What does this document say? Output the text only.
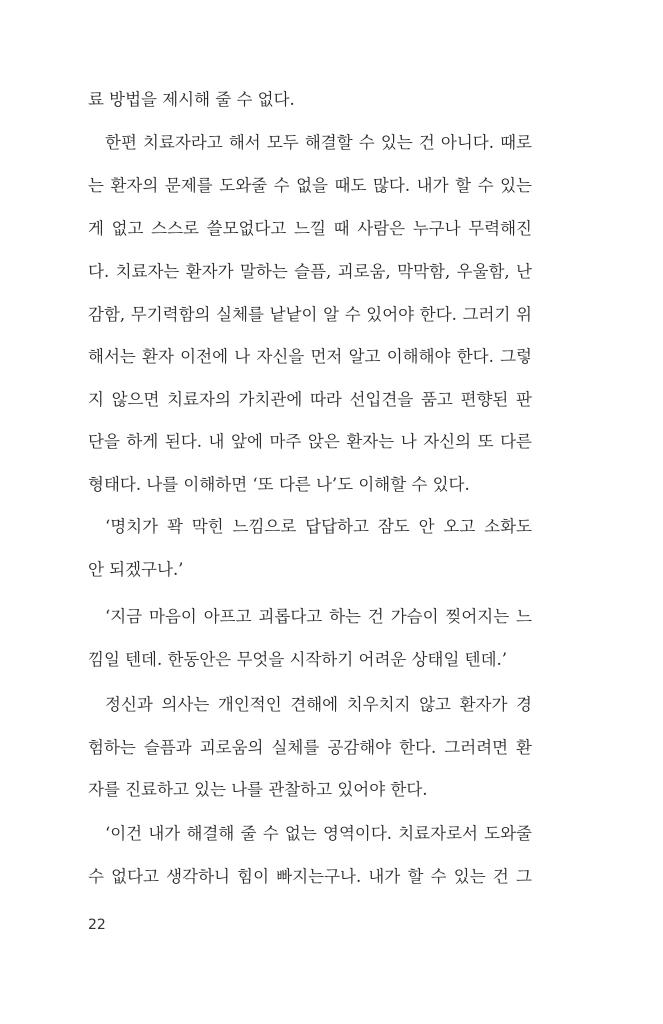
료 방법을 제시해 줄 수 없다.
한편 치료자라고 해서 모두 해결할 수 있는 건 아니다. 때로
는 환자의 문제를 도와줄 수 없을 때도 많다. 내가 할 수 있는
게 없고 스스로 쓸모없다고 느낄 때 사람은 누구나 무력해진
다. 치료자는 환자가 말하는 슬픔, 괴로움, 막막함, 우울함, 난
감함, 무기력함의 실체를 낱낱이 알 수 있어야 한다. 그러기 위
해서는 환자 이전에 나 자신을 먼저 알고 이해해야 한다. 그렇
지 않으면 치료자의 가치관에 따라 선입견을 품고 편향된 판
단을 하게 된다. 내 앞에 마주 앉은 환자는 나 자신의 또 다른
형태다. 나를 이해하면 ‘또 다른 나’도 이해할 수 있다.
‘명치가 꽉 막힌 느낌으로 답답하고 잠도 안 오고 소화도
안 되겠구나.’
‘지금 마음이 아프고 괴롭다고 하는 건 가슴이 찢어지는 느
낌일 텐데. 한동안은 무엇을 시작하기 어려운 상태일 텐데.’
정신과 의사는 개인적인 견해에 치우치지 않고 환자가 경
험하는 슬픔과 괴로움의 실체를 공감해야 한다. 그러려면 환
자를 진료하고 있는 나를 관찰하고 있어야 한다.
‘이건 내가 해결해 줄 수 없는 영역이다. 치료자로서 도와줄
수 없다고 생각하니 힘이 빠지는구나. 내가 할 수 있는 건 그
22
